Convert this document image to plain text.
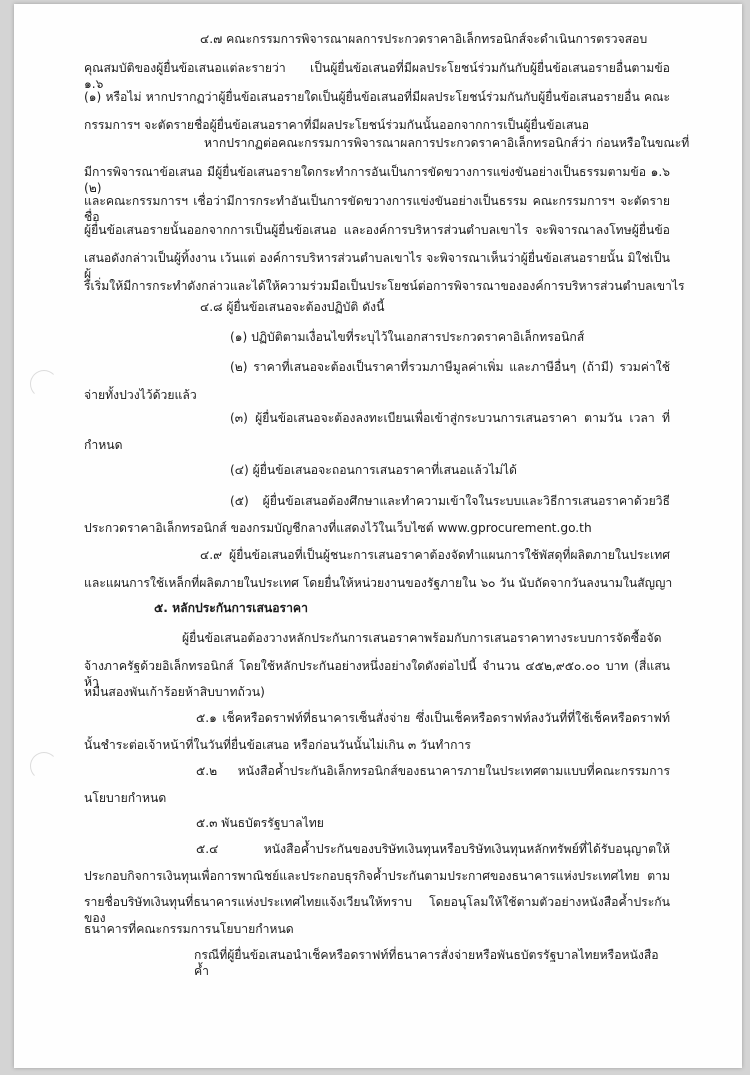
๔.๗ คณะกรรมการพิจารณาผลการประกวดราคาอิเล็กทรอนิกส์จะดำเนินการตรวจสอบ
คุณสมบัติของผู้ยื่นข้อเสนอแต่ละรายว่า เป็นผู้ยื่นข้อเสนอที่มีผลประโยชน์ร่วมกันกับผู้ยื่นข้อเสนอรายอื่นตามข้อ ๑.๖
(๑) หรือไม่ หากปรากฏว่าผู้ยื่นข้อเสนอรายใดเป็นผู้ยื่นข้อเสนอที่มีผลประโยชน์ร่วมกันกับผู้ยื่นข้อเสนอรายอื่น คณะ
กรรมการฯ จะตัดรายชื่อผู้ยื่นข้อเสนอราคาที่มีผลประโยชน์ร่วมกันนั้นออกจากการเป็นผู้ยื่นข้อเสนอ
หากปรากฏต่อคณะกรรมการพิจารณาผลการประกวดราคาอิเล็กทรอนิกส์ว่า ก่อนหรือในขณะที่
มีการพิจารณาข้อเสนอ มีผู้ยื่นข้อเสนอรายใดกระทำการอันเป็นการขัดขวางการแข่งขันอย่างเป็นธรรมตามข้อ ๑.๖ (๒)
และคณะกรรมการฯ เชื่อว่ามีการกระทำอันเป็นการขัดขวางการแข่งขันอย่างเป็นธรรม คณะกรรมการฯ จะตัดรายชื่อ
ผู้ยื่นข้อเสนอรายนั้นออกจากการเป็นผู้ยื่นข้อเสนอ และองค์การบริหารส่วนตำบลเขาไร จะพิจารณาลงโทษผู้ยื่นข้อ
เสนอดังกล่าวเป็นผู้ทิ้งงาน เว้นแต่ องค์การบริหารส่วนตำบลเขาไร จะพิจารณาเห็นว่าผู้ยื่นข้อเสนอรายนั้น มิใช่เป็นผู้
ริเริ่มให้มีการกระทำดังกล่าวและได้ให้ความร่วมมือเป็นประโยชน์ต่อการพิจารณาขององค์การบริหารส่วนตำบลเขาไร
๔.๘ ผู้ยื่นข้อเสนอจะต้องปฏิบัติ ดังนี้
(๑) ปฏิบัติตามเงื่อนไขที่ระบุไว้ในเอกสารประกวดราคาอิเล็กทรอนิกส์
(๒) ราคาที่เสนอจะต้องเป็นราคาที่รวมภาษีมูลค่าเพิ่ม และภาษีอื่นๆ (ถ้ามี) รวมค่าใช้
จ่ายทั้งปวงไว้ด้วยแล้ว
(๓) ผู้ยื่นข้อเสนอจะต้องลงทะเบียนเพื่อเข้าสู่กระบวนการเสนอราคา ตามวัน เวลา ที่
กำหนด
(๔) ผู้ยื่นข้อเสนอจะถอนการเสนอราคาที่เสนอแล้วไม่ได้
(๕) ผู้ยื่นข้อเสนอต้องศึกษาและทำความเข้าใจในระบบและวิธีการเสนอราคาด้วยวิธี
ประกวดราคาอิเล็กทรอนิกส์ ของกรมบัญชีกลางที่แสดงไว้ในเว็บไซต์ www.gprocurement.go.th
๔.๙ ผู้ยื่นข้อเสนอที่เป็นผู้ชนะการเสนอราคาต้องจัดทำแผนการใช้พัสดุที่ผลิตภายในประเทศ
และแผนการใช้เหล็กที่ผลิตภายในประเทศ โดยยื่นให้หน่วยงานของรัฐภายใน ๖๐ วัน นับถัดจากวันลงนามในสัญญา
๕. หลักประกันการเสนอราคา
ผู้ยื่นข้อเสนอต้องวางหลักประกันการเสนอราคาพร้อมกับการเสนอราคาทางระบบการจัดซื้อจัด
จ้างภาครัฐด้วยอิเล็กทรอนิกส์ โดยใช้หลักประกันอย่างหนึ่งอย่างใดดังต่อไปนี้ จำนวน ๔๕๒,๙๕๐.๐๐ บาท (สี่แสนห้า
หมื่นสองพันเก้าร้อยห้าสิบบาทถ้วน)
๕.๑ เช็คหรือดราฟท์ที่ธนาคารเซ็นสั่งจ่าย ซึ่งเป็นเช็คหรือดราฟท์ลงวันที่ที่ใช้เช็คหรือดราฟท์
นั้นชำระต่อเจ้าหน้าที่ในวันที่ยื่นข้อเสนอ หรือก่อนวันนั้นไม่เกิน ๓ วันทำการ
๕.๒ หนังสือค้ำประกันอิเล็กทรอนิกส์ของธนาคารภายในประเทศตามแบบที่คณะกรรมการ
นโยบายกำหนด
๕.๓ พันธบัตรรัฐบาลไทย
๕.๔ หนังสือค้ำประกันของบริษัทเงินทุนหรือบริษัทเงินทุนหลักทรัพย์ที่ได้รับอนุญาตให้
ประกอบกิจการเงินทุนเพื่อการพาณิชย์และประกอบธุรกิจค้ำประกันตามประกาศของธนาคารแห่งประเทศไทย ตาม
รายชื่อบริษัทเงินทุนที่ธนาคารแห่งประเทศไทยแจ้งเวียนให้ทราบ โดยอนุโลมให้ใช้ตามตัวอย่างหนังสือค้ำประกันของ
ธนาคารที่คณะกรรมการนโยบายกำหนด
กรณีที่ผู้ยื่นข้อเสนอนำเช็คหรือดราฟท์ที่ธนาคารสั่งจ่ายหรือพันธบัตรรัฐบาลไทยหรือหนังสือค้ำ
